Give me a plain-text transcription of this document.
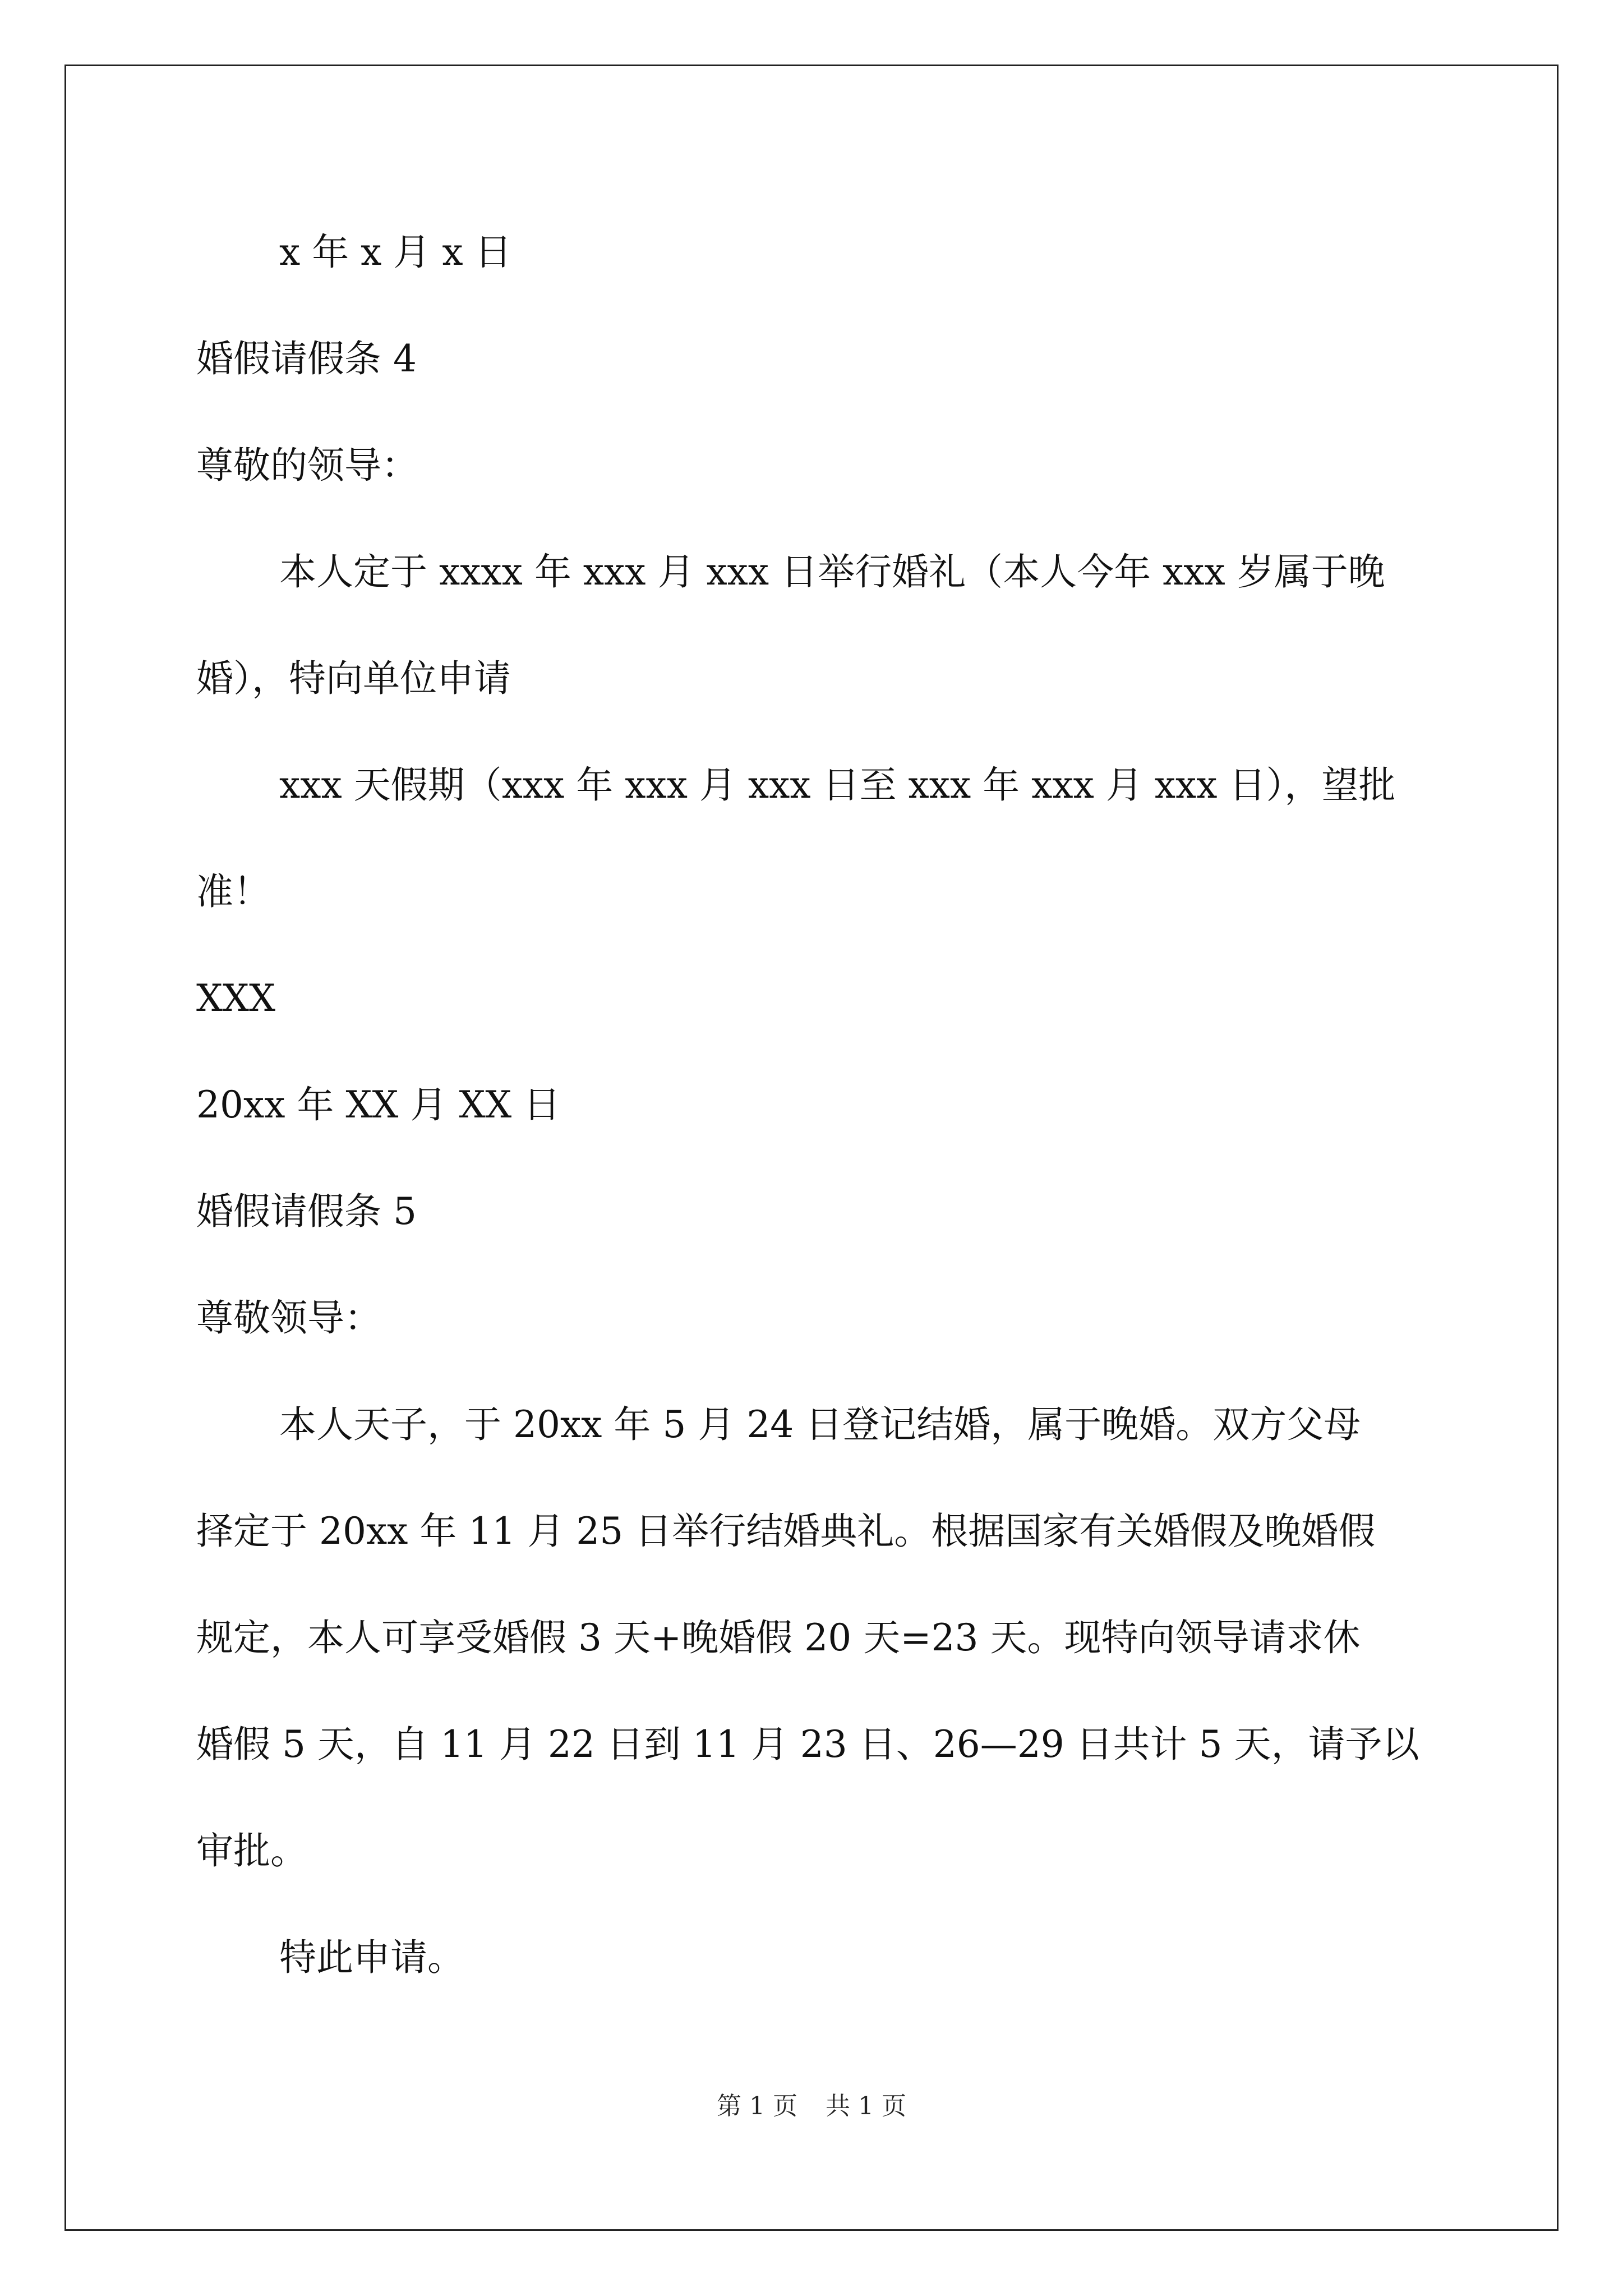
x 年 x 月 x 日
婚假请假条 4
尊敬的领导：
本人定于 xxxx 年 xxx 月 xxx 日举行婚礼（本人今年 xxx 岁属于晚
婚），特向单位申请
xxx 天假期（xxx 年 xxx 月 xxx 日至 xxx 年 xxx 月 xxx 日），望批
准！
XXX
20xx 年 XX 月 XX 日
婚假请假条 5
尊敬领导：
本人天子，于 20xx 年 5 月 24 日登记结婚，属于晚婚。双方父母
择定于 20xx 年 11 月 25 日举行结婚典礼。根据国家有关婚假及晚婚假
规定，本人可享受婚假 3 天+晚婚假 20 天=23 天。现特向领导请求休
婚假 5 天，自 11 月 22 日到 11 月 23 日、26—29 日共计 5 天，请予以
审批。
特此申请。
第 1 页 共 1 页
